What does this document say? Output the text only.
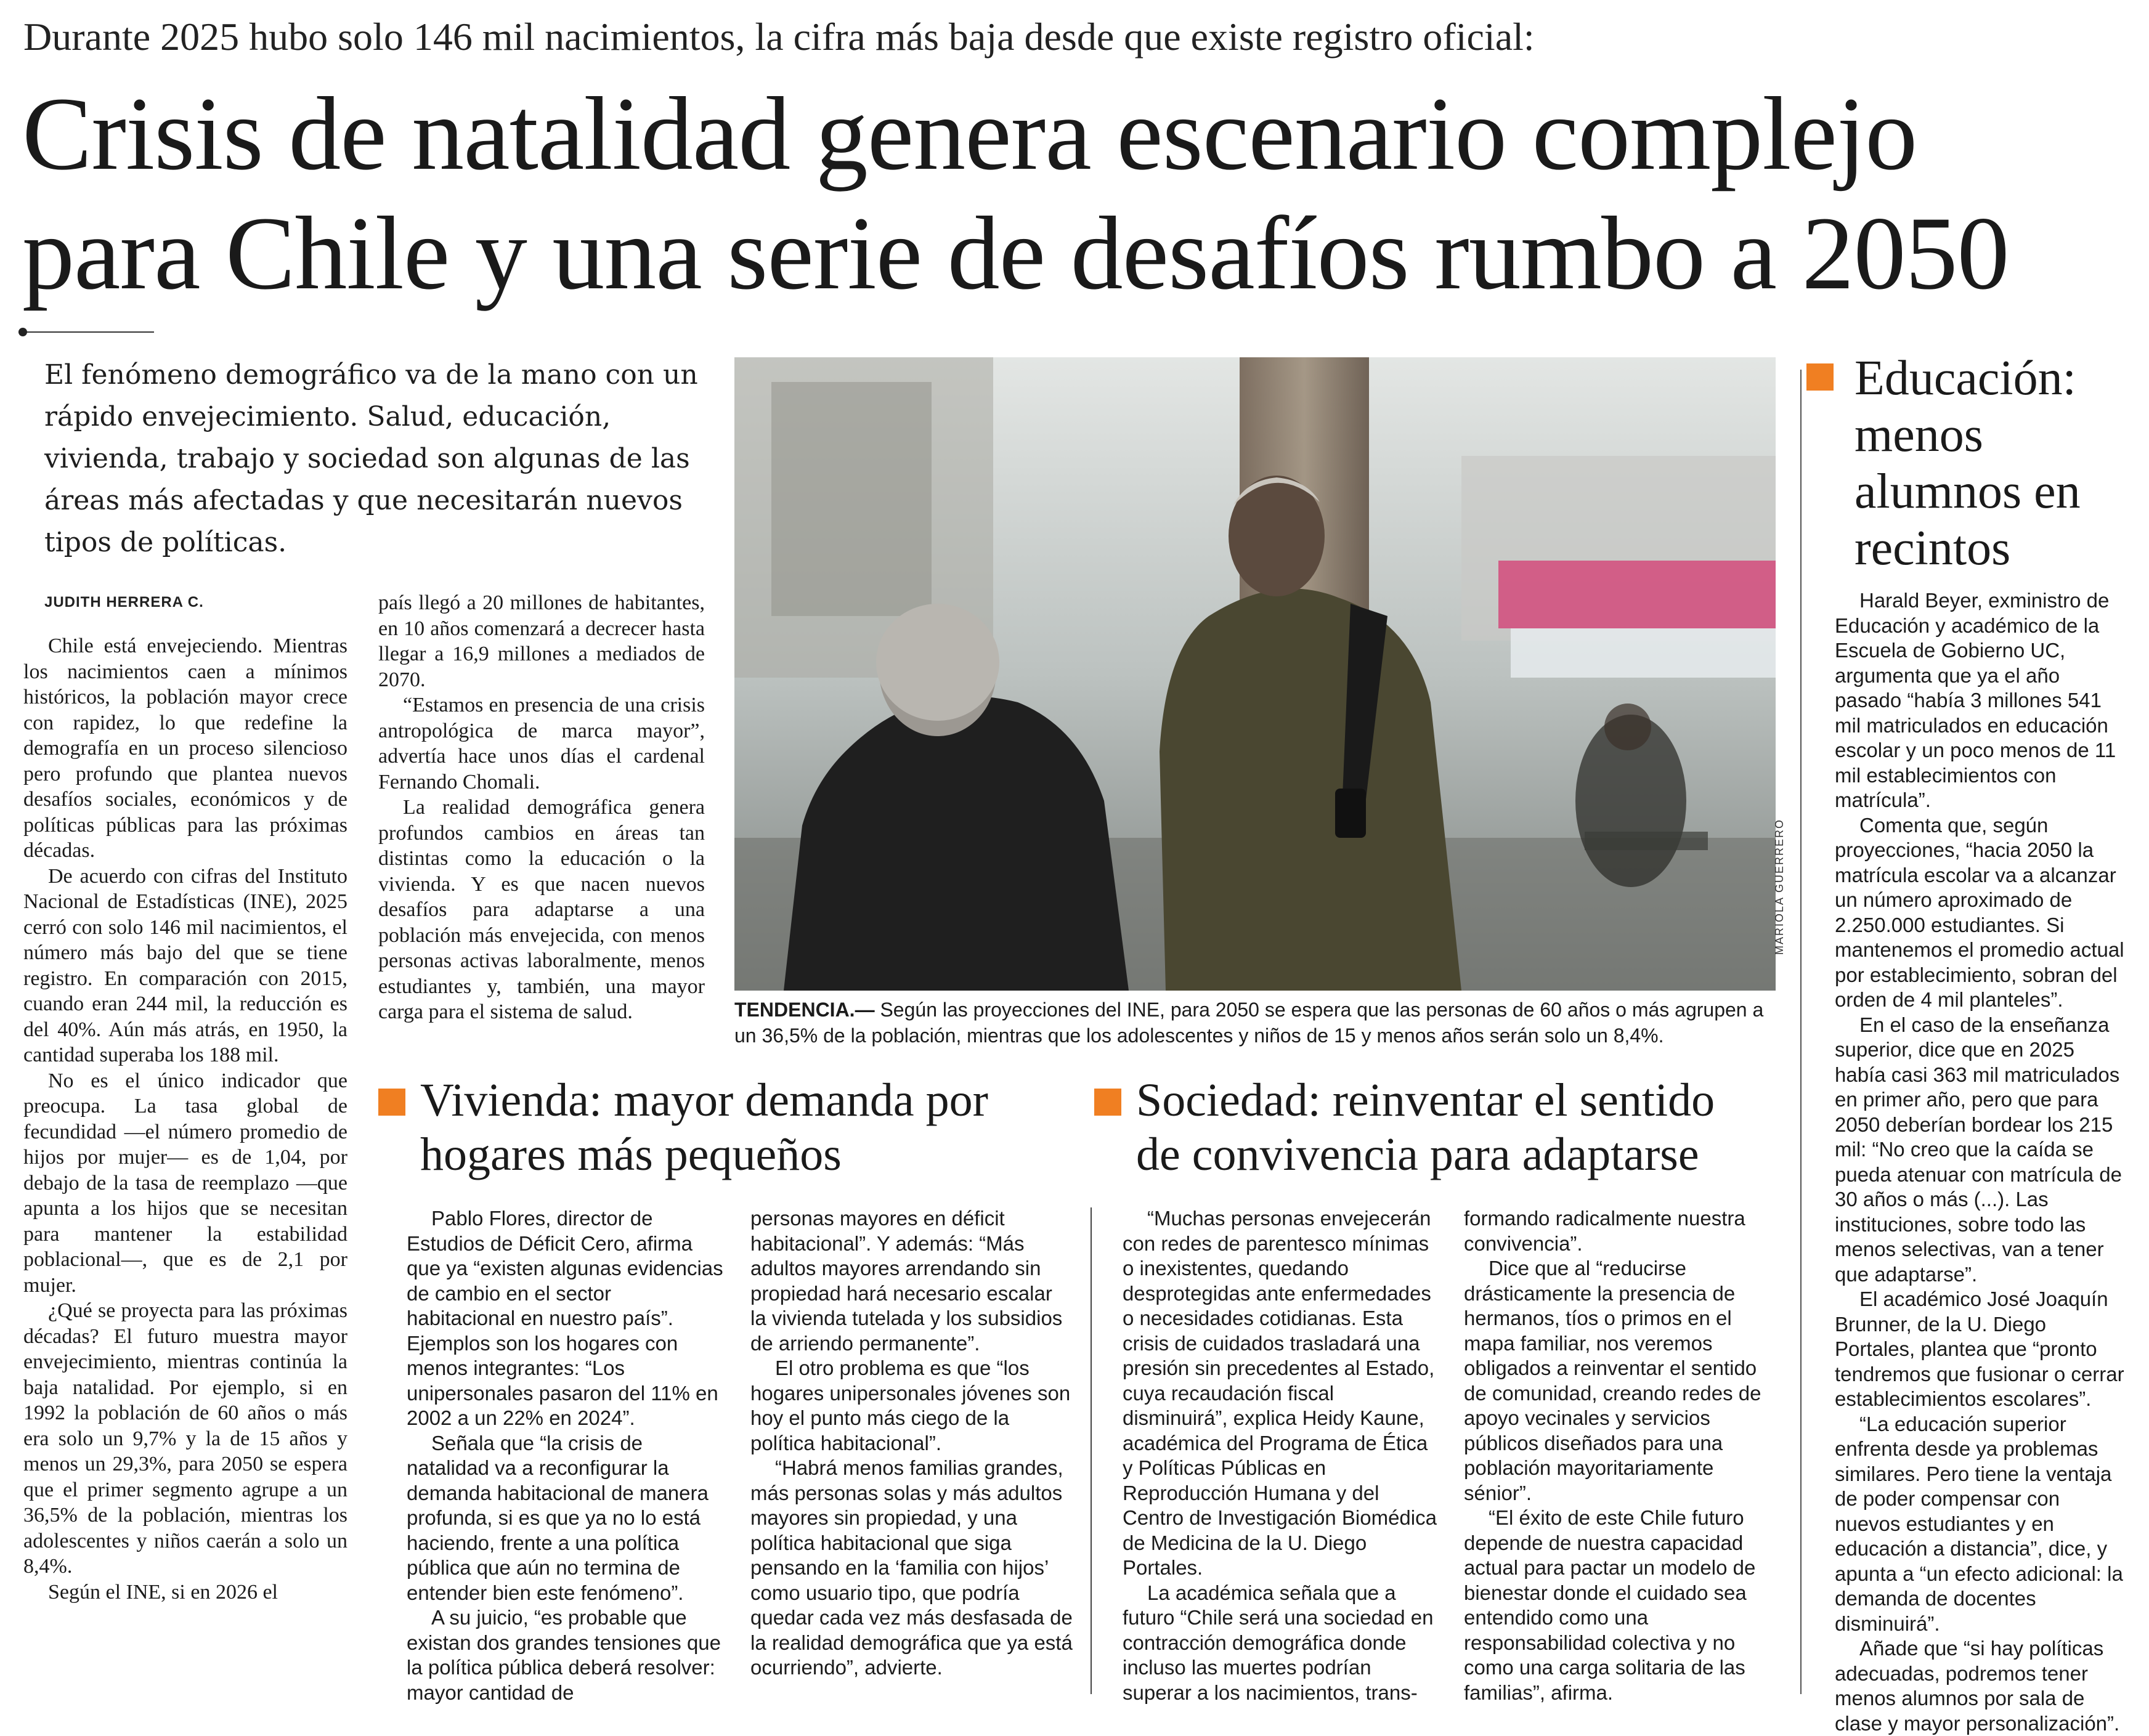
Durante 2025 hubo solo 146 mil nacimientos, la cifra más baja desde que existe registro oficial:
Crisis de natalidad genera escenario complejo
para Chile y una serie de desafíos rumbo a 2050
El fenómeno demográfico va de la mano con un rápido envejecimiento. Salud, educación, vivienda, trabajo y sociedad son algunas de las áreas más afectadas y que necesitarán nuevos tipos de políticas.
JUDITH HERRERA C.

Chile está envejeciendo. Mientras los nacimientos caen a mínimos históricos, la población mayor crece con rapidez, lo que redefine la demografía en un proceso silencioso pero profundo que plantea nuevos desafíos sociales, económicos y de políticas públicas para las próximas décadas.

De acuerdo con cifras del Instituto Nacional de Estadísticas (INE), 2025 cerró con solo 146 mil nacimientos, el número más bajo del que se tiene registro. En comparación con 2015, cuando eran 244 mil, la reducción es del 40%. Aún más atrás, en 1950, la cantidad superaba los 188 mil.

No es el único indicador que preocupa. La tasa global de fecundidad —el número promedio de hijos por mujer— es de 1,04, por debajo de la tasa de reemplazo —que apunta a los hijos que se necesitan para mantener la estabilidad poblacional—, que es de 2,1 por mujer.

¿Qué se proyecta para las próximas décadas? El futuro muestra mayor envejecimiento, mientras continúa la baja natalidad. Por ejemplo, si en 1992 la población de 60 años o más era solo un 9,7% y la de 15 años y menos un 29,3%, para 2050 se espera que el primer segmento agrupe a un 36,5% de la población, mientras los adolescentes y niños caerán a solo un 8,4%.

Según el INE, si en 2026 el

país llegó a 20 millones de habitantes, en 10 años comenzará a decrecer hasta llegar a 16,9 millones a mediados de 2070.

“Estamos en presencia de una crisis antropológica de marca mayor”, advertía hace unos días el cardenal Fernando Chomali.

La realidad demográfica genera profundos cambios en áreas tan distintas como la educación o la vivienda. Y es que nacen nuevos desafíos para adaptarse a una población más envejecida, con menos personas activas laboralmente, menos estudiantes y, también, una mayor carga para el sistema de salud.

MARIOLA GUERRERO
TENDENCIA.— Según las proyecciones del INE, para 2050 se espera que las personas de 60 años o más agrupen a un 36,5% de la población, mientras que los adolescentes y niños de 15 y menos años serán solo un 8,4%.
Vivienda: mayor demanda por
hogares más pequeños

Pablo Flores, director de Estudios de Déficit Cero, afirma que ya “existen algunas evidencias de cambio en el sector habitacional en nuestro país”. Ejemplos son los hogares con menos integrantes: “Los unipersonales pasaron del 11% en 2002 a un 22% en 2024”.

Señala que “la crisis de natalidad va a reconfigurar la demanda habitacional de manera profunda, si es que ya no lo está haciendo, frente a una política pública que aún no termina de entender bien este fenómeno”.

A su juicio, “es probable que existan dos grandes tensiones que la política pública deberá resolver: mayor cantidad de

personas mayores en déficit habitacional”. Y además: “Más adultos mayores arrendando sin propiedad hará necesario escalar la vivienda tutelada y los subsidios de arriendo permanente”.

El otro problema es que “los hogares unipersonales jóvenes son hoy el punto más ciego de la política habitacional”.

“Habrá menos familias grandes, más personas solas y más adultos mayores sin propiedad, y una política habitacional que siga pensando en la ‘familia con hijos’ como usuario tipo, que podría quedar cada vez más desfasada de la realidad demográfica que ya está ocurriendo”, advierte.

Sociedad: reinventar el sentido
de convivencia para adaptarse

“Muchas personas envejecerán con redes de parentesco mínimas o inexistentes, quedando desprotegidas ante enfermedades o necesidades cotidianas. Esta crisis de cuidados trasladará una presión sin precedentes al Estado, cuya recaudación fiscal disminuirá”, explica Heidy Kaune, académica del Programa de Ética y Políticas Públicas en Reproducción Humana y del Centro de Investigación Biomédica de Medicina de la U. Diego Portales.

La académica señala que a futuro “Chile será una sociedad en contracción demográfica donde incluso las muertes podrían superar a los nacimientos, trans-

formando radicalmente nuestra convivencia”.

Dice que al “reducirse drásticamente la presencia de hermanos, tíos o primos en el mapa familiar, nos veremos obligados a reinventar el sentido de comunidad, creando redes de apoyo vecinales y servicios públicos diseñados para una población mayoritariamente sénior”.

“El éxito de este Chile futuro depende de nuestra capacidad actual para pactar un modelo de bienestar donde el cuidado sea entendido como una responsabilidad colectiva y no como una carga solitaria de las familias”, afirma.

Educación:
menos
alumnos en
recintos

Harald Beyer, exministro de Educación y académico de la Escuela de Gobierno UC, argumenta que ya el año pasado “había 3 millones 541 mil matriculados en educación escolar y un poco menos de 11 mil establecimientos con matrícula”.

Comenta que, según proyecciones, “hacia 2050 la matrícula escolar va a alcanzar un número aproximado de 2.250.000 estudiantes. Si mantenemos el promedio actual por establecimiento, sobran del orden de 4 mil planteles”.

En el caso de la enseñanza superior, dice que en 2025 había casi 363 mil matriculados en primer año, pero que para 2050 deberían bordear los 215 mil: “No creo que la caída se pueda atenuar con matrícula de 30 años o más (...). Las instituciones, sobre todo las menos selectivas, van a tener que adaptarse”.

El académico José Joaquín Brunner, de la U. Diego Portales, plantea que “pronto tendremos que fusionar o cerrar establecimientos escolares”.

“La educación superior enfrenta desde ya problemas similares. Pero tiene la ventaja de poder compensar con nuevos estudiantes y en educación a distancia”, dice, y apunta a “un efecto adicional: la demanda de docentes disminuirá”.

Añade que “si hay políticas adecuadas, podremos tener menos alumnos por sala de clase y mayor personalización”.
